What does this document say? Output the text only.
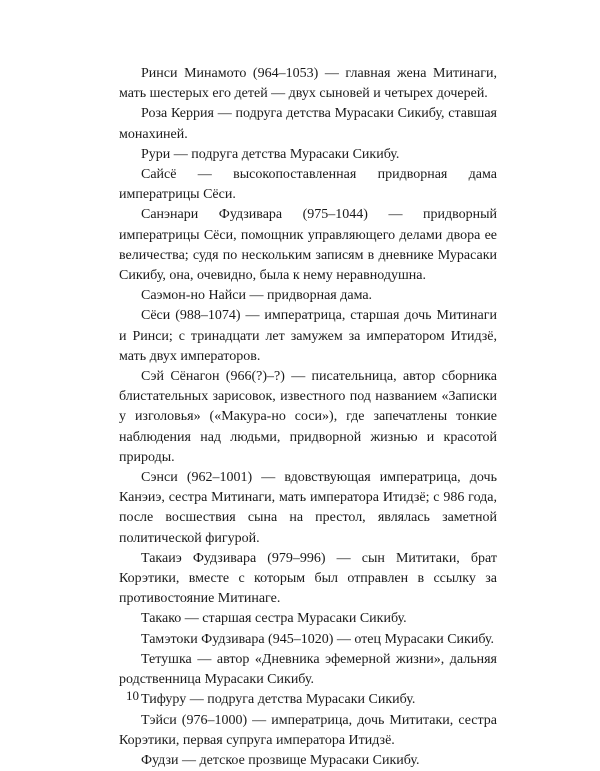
Ринси Минамото (964–1053) — главная жена Митинаги, мать шестерых его детей — двух сыновей и четырех дочерей.

Роза Керрия — подруга детства Мурасаки Сикибу, ставшая монахиней.

Рури — подруга детства Мурасаки Сикибу.

Сайсё — высокопоставленная придворная дама императрицы Сёси.

Санэнари Фудзивара (975–1044) — придворный императрицы Сёси, помощник управляющего делами двора ее величества; судя по нескольким записям в дневнике Мурасаки Сикибу, она, очевидно, была к нему неравнодушна.

Саэмон-но Найси — придворная дама.

Сёси (988–1074) — императрица, старшая дочь Митинаги и Ринси; с тринадцати лет замужем за императором Итидзё, мать двух императоров.

Сэй Сёнагон (966(?)–?) — писательница, автор сборника блистательных зарисовок, известного под названием «Записки у изголовья» («Макура-но соси»), где запечатлены тонкие наблюдения над людьми, придворной жизнью и красотой природы.

Сэнси (962–1001) — вдовствующая императрица, дочь Канэиэ, сестра Митинаги, мать императора Итидзё; с 986 года, после восшествия сына на престол, являлась заметной политической фигурой.

Такаиэ Фудзивара (979–996) — сын Мититаки, брат Корэтики, вместе с которым был отправлен в ссылку за противостояние Митинаге.

Такако — старшая сестра Мурасаки Сикибу.

Тамэтоки Фудзивара (945–1020) — отец Мурасаки Сикибу.

Тетушка — автор «Дневника эфемерной жизни», дальняя родственница Мурасаки Сикибу.

Тифуру — подруга детства Мурасаки Сикибу.

Тэйси (976–1000) — императрица, дочь Мититаки, сестра Корэтики, первая супруга императора Итидзё.

Фудзи — детское прозвище Мурасаки Сикибу.

10
